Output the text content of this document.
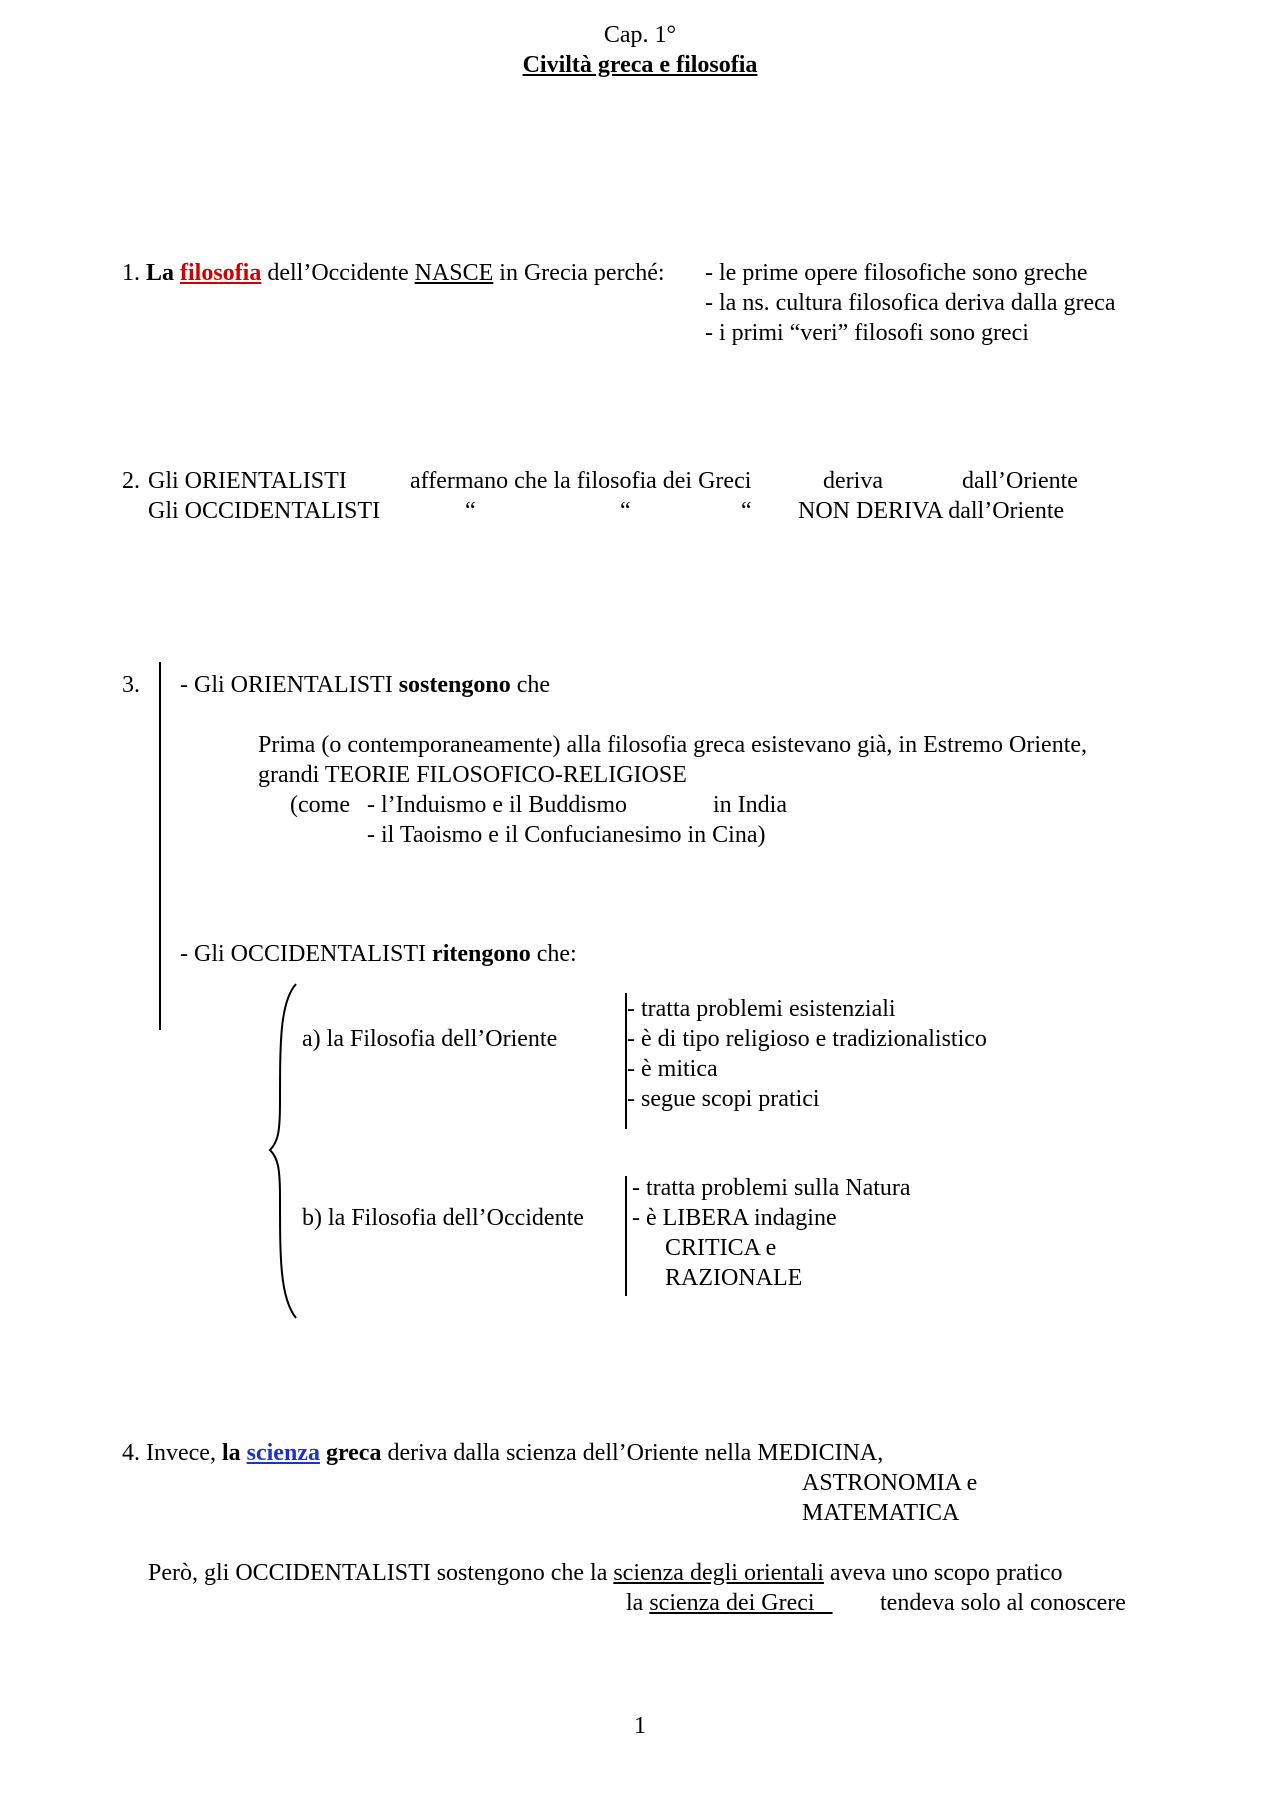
Cap. 1°
Civiltà greca e filosofia
1. La filosofia dell’Occidente NASCE in Grecia perché: - le prime opere filosofiche sono greche
- la ns. cultura filosofica deriva dalla greca
- i primi “veri” filosofi sono greci
2. Gli ORIENTALISTI	affermano che la filosofia dei Greci	deriva	dall’Oriente
Gli OCCIDENTALISTI	“	“	“ NON DERIVA dall’Oriente
3. - Gli ORIENTALISTI sostengono che
Prima (o contemporaneamente) alla filosofia greca esistevano già, in Estremo Oriente,
grandi TEORIE FILOSOFICO-RELIGIOSE
(come - l’Induismo e il Buddismo	in India
- il Taoismo e il Confucianesimo in Cina)
- Gli OCCIDENTALISTI ritengono che:
a) la Filosofia dell’Oriente
- tratta problemi esistenziali
- è di tipo religioso e tradizionalistico
- è mitica
- segue scopi pratici
b) la Filosofia dell’Occidente
- tratta problemi sulla Natura
- è LIBERA indagine
CRITICA e
RAZIONALE
4. Invece, la scienza greca deriva dalla scienza dell’Oriente nella MEDICINA,
ASTRONOMIA e
MATEMATICA
Però, gli OCCIDENTALISTI sostengono che la scienza degli orientali aveva uno scopo pratico
la scienza dei Greci tendeva solo al conoscere
1
